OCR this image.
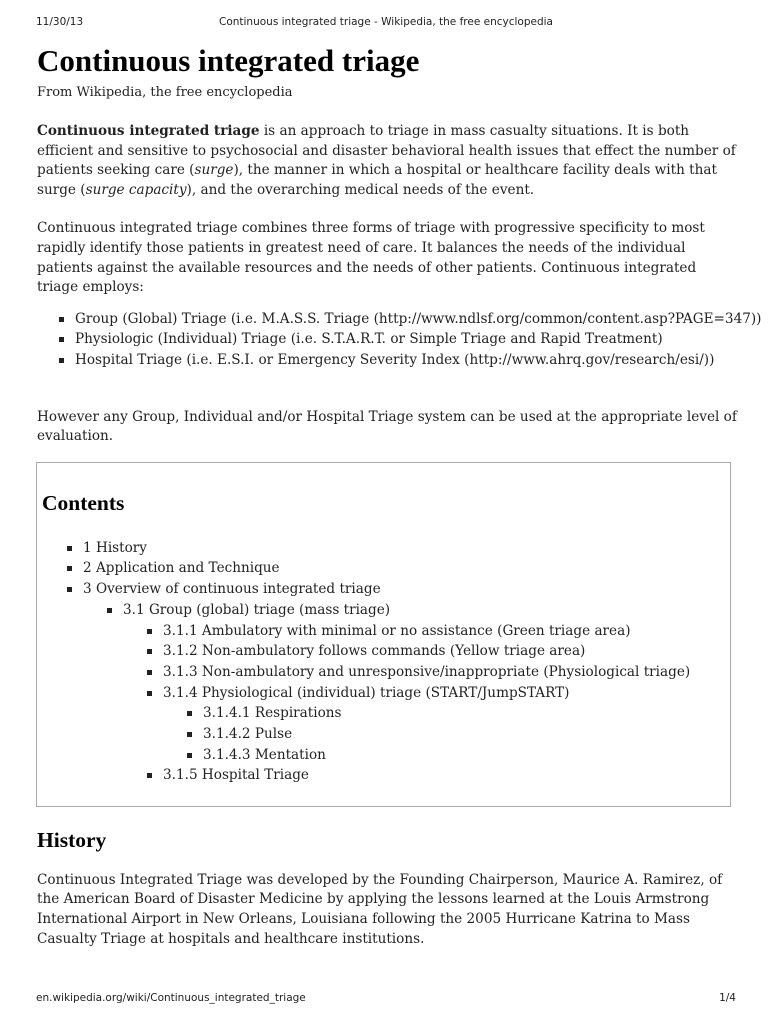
11/30/13	Continuous integrated triage - Wikipedia, the free encyclopedia
Continuous integrated triage
From Wikipedia, the free encyclopedia

Continuous integrated triage is an approach to triage in mass casualty situations. It is both efficient and sensitive to psychosocial and disaster behavioral health issues that effect the number of patients seeking care (surge), the manner in which a hospital or healthcare facility deals with that surge (surge capacity), and the overarching medical needs of the event.

Continuous integrated triage combines three forms of triage with progressive specificity to most rapidly identify those patients in greatest need of care. It balances the needs of the individual patients against the available resources and the needs of other patients. Continuous integrated triage employs:

Group (Global) Triage (i.e. M.A.S.S. Triage (http://www.ndlsf.org/common/content.asp?PAGE=347))
Physiologic (Individual) Triage (i.e. S.T.A.R.T. or Simple Triage and Rapid Treatment)
Hospital Triage (i.e. E.S.I. or Emergency Severity Index (http://www.ahrq.gov/research/esi/))

However any Group, Individual and/or Hospital Triage system can be used at the appropriate level of evaluation.

Contents
1 History
2 Application and Technique
3 Overview of continuous integrated triage
3.1 Group (global) triage (mass triage)
3.1.1 Ambulatory with minimal or no assistance (Green triage area)
3.1.2 Non-ambulatory follows commands (Yellow triage area)
3.1.3 Non-ambulatory and unresponsive/inappropriate (Physiological triage)
3.1.4 Physiological (individual) triage (START/JumpSTART)
3.1.4.1 Respirations
3.1.4.2 Pulse
3.1.4.3 Mentation
3.1.5 Hospital Triage
History

Continuous Integrated Triage was developed by the Founding Chairperson, Maurice A. Ramirez, of the American Board of Disaster Medicine by applying the lessons learned at the Louis Armstrong International Airport in New Orleans, Louisiana following the 2005 Hurricane Katrina to Mass Casualty Triage at hospitals and healthcare institutions.

en.wikipedia.org/wiki/Continuous_integrated_triage	1/4
